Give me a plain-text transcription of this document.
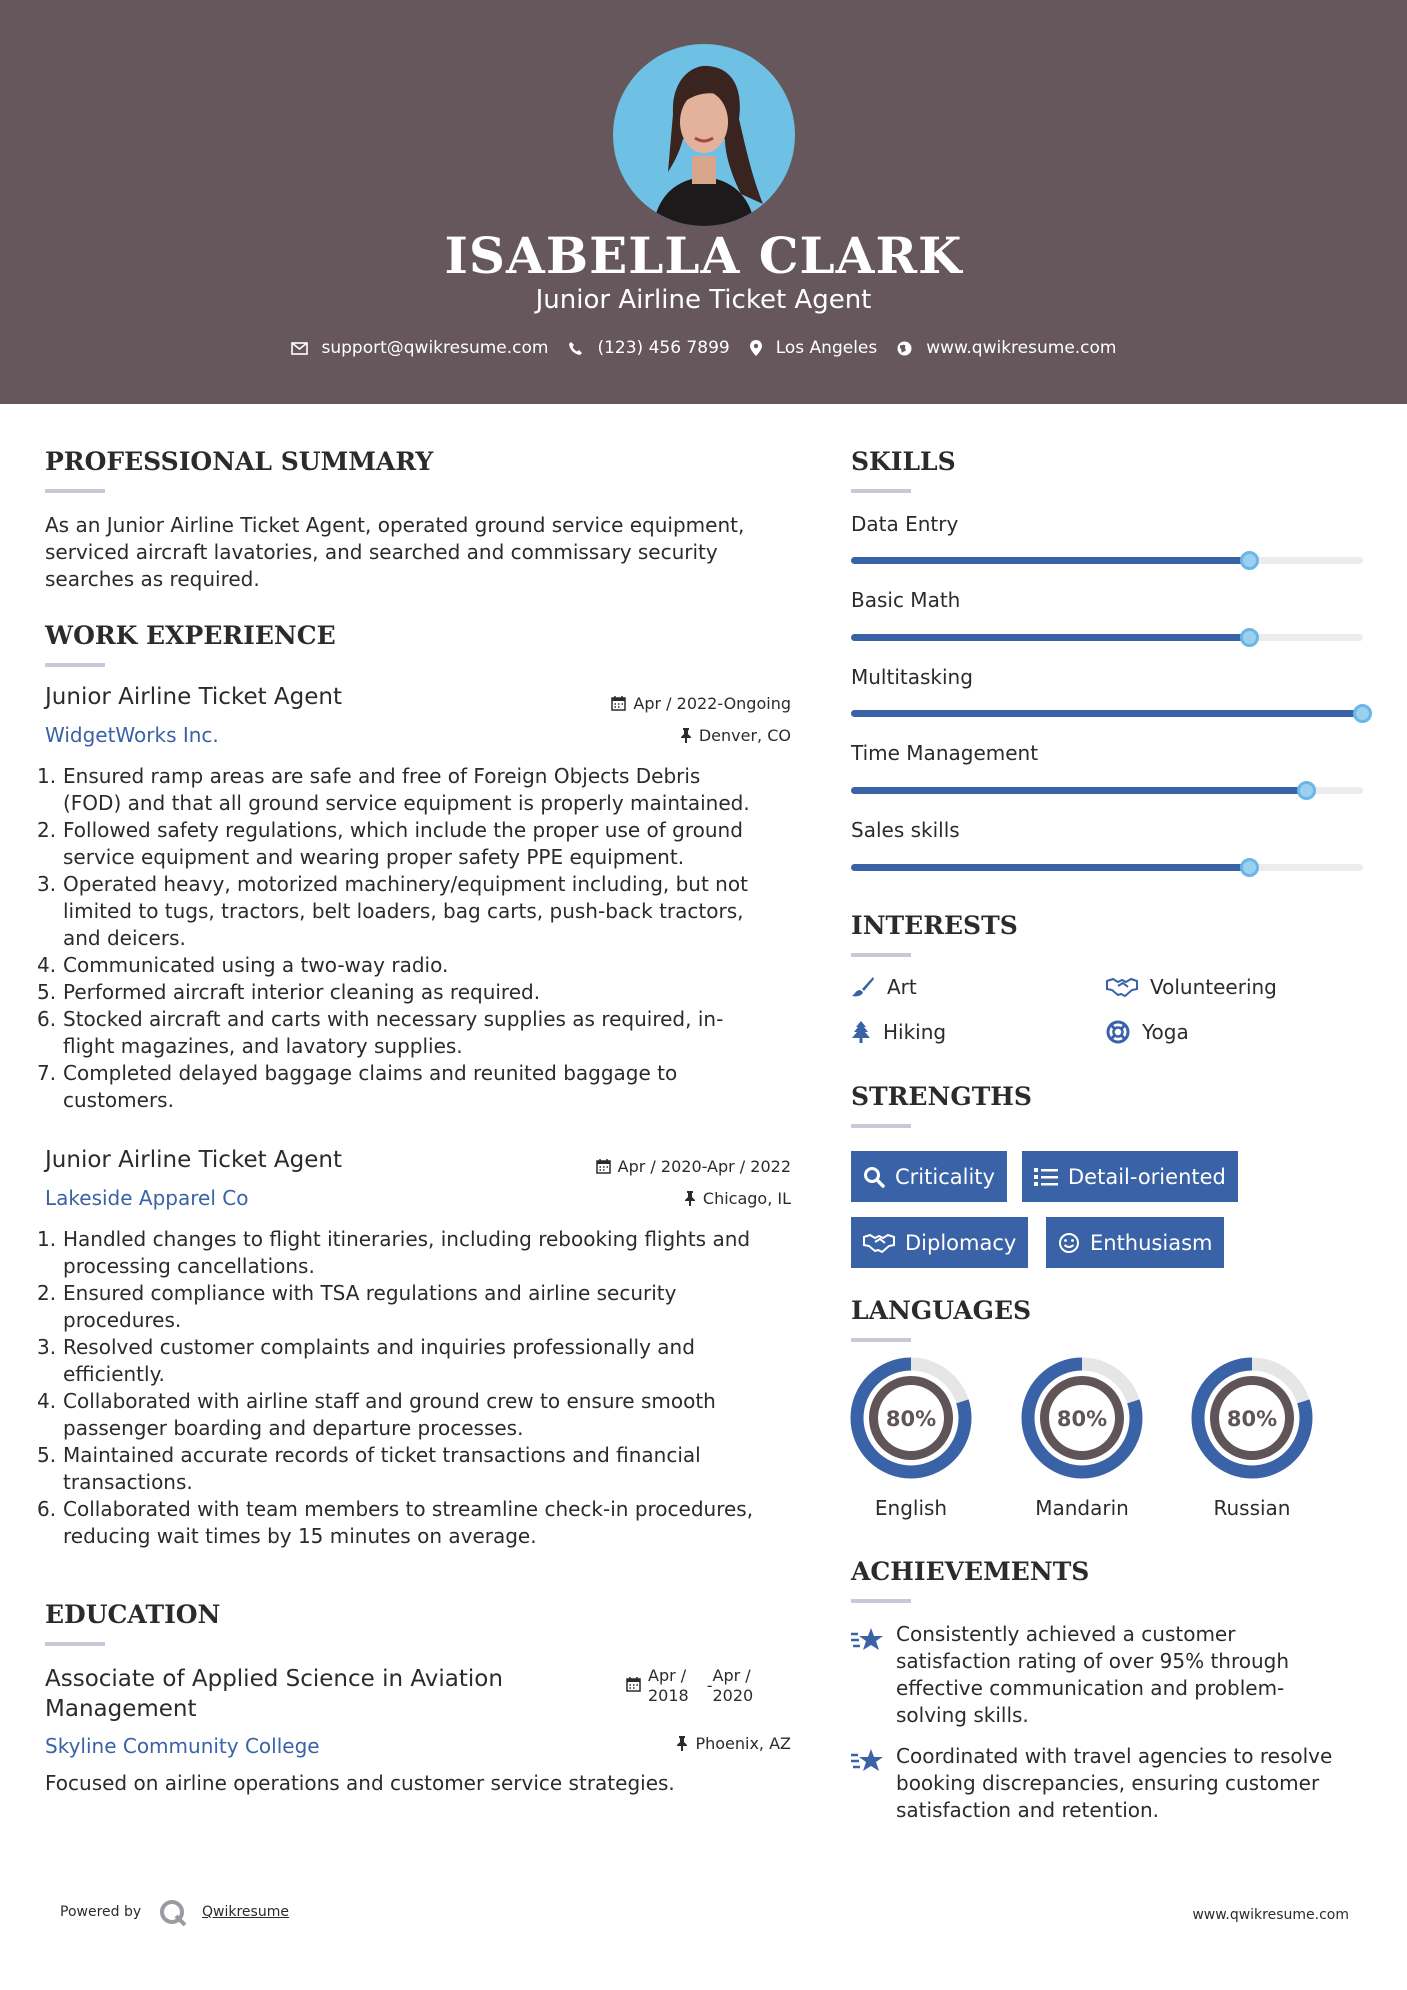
ISABELLA CLARK
Junior Airline Ticket Agent
support@qwikresume.com	(123) 456 7899	Los Angeles	www.qwikresume.com
PROFESSIONAL SUMMARY
As an Junior Airline Ticket Agent, operated ground service equipment,
serviced aircraft lavatories, and searched and commissary security
searches as required.
WORK EXPERIENCE
Junior Airline Ticket Agent	Apr / 2022-Ongoing
WidgetWorks Inc.	Denver, CO
1. Ensured ramp areas are safe and free of Foreign Objects Debris
(FOD) and that all ground service equipment is properly maintained.
2. Followed safety regulations, which include the proper use of ground
service equipment and wearing proper safety PPE equipment.
3. Operated heavy, motorized machinery/equipment including, but not
limited to tugs, tractors, belt loaders, bag carts, push-back tractors,
and deicers.
4. Communicated using a two-way radio.
5. Performed aircraft interior cleaning as required.
6. Stocked aircraft and carts with necessary supplies as required, in-
flight magazines, and lavatory supplies.
7. Completed delayed baggage claims and reunited baggage to
customers.
Junior Airline Ticket Agent	Apr / 2020-Apr / 2022
Lakeside Apparel Co	Chicago, IL
1. Handled changes to flight itineraries, including rebooking flights and
processing cancellations.
2. Ensured compliance with TSA regulations and airline security
procedures.
3. Resolved customer complaints and inquiries professionally and
efficiently.
4. Collaborated with airline staff and ground crew to ensure smooth
passenger boarding and departure processes.
5. Maintained accurate records of ticket transactions and financial
transactions.
6. Collaborated with team members to streamline check-in procedures,
reducing wait times by 15 minutes on average.
EDUCATION
Associate of Applied Science in Aviation
Management
Apr /
2018
-
Apr /
2020
Skyline Community College	Phoenix, AZ
Focused on airline operations and customer service strategies.
SKILLS
Data Entry
Basic Math
Multitasking
Time Management
Sales skills
INTERESTS
Art	Volunteering
Hiking	Yoga
STRENGTHS
Criticality	Detail-oriented
Diplomacy	Enthusiasm
LANGUAGES
80%
English
80%
Mandarin
80%
Russian
ACHIEVEMENTS
Consistently achieved a customer
satisfaction rating of over 95% through
effective communication and problem-
solving skills.
Coordinated with travel agencies to resolve
booking discrepancies, ensuring customer
satisfaction and retention.
Powered by	Qwikresume	www.qwikresume.com
